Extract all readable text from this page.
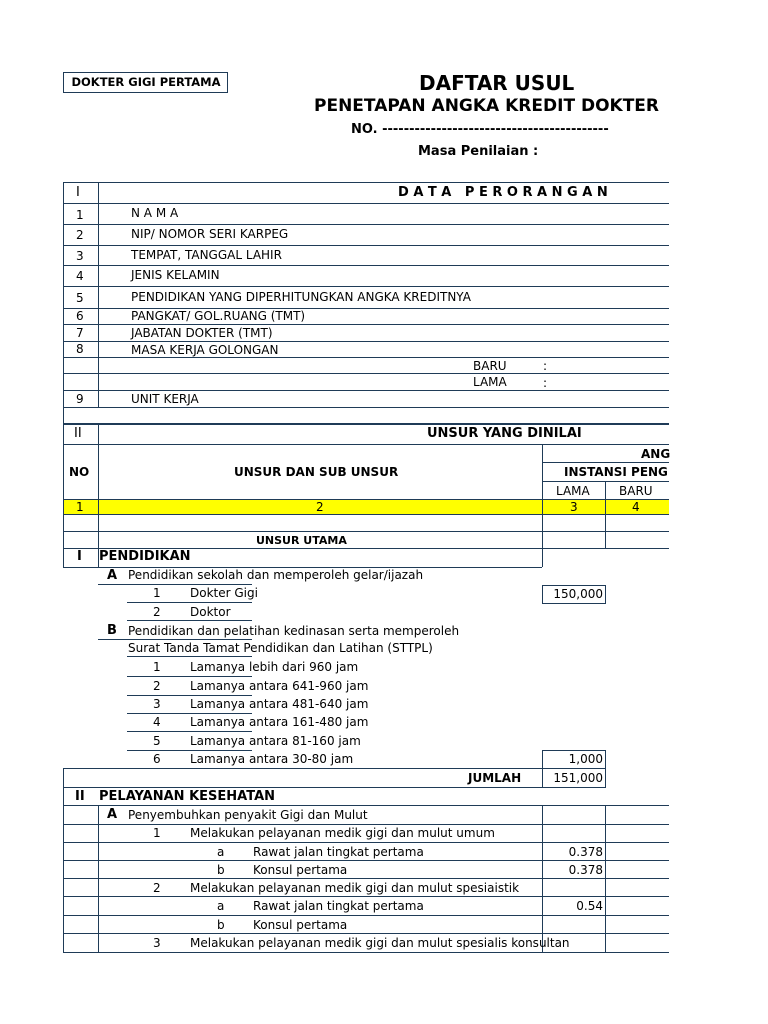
DOKTER GIGI PERTAMA	DAFTAR USUL
PENETAPAN ANGKA KREDIT DOKTER
NO. ------------------------------------------
Masa Penilaian :
I	D A T A   P E R O R A N G A N
1	N A M A
2	NIP/ NOMOR SERI KARPEG
3	TEMPAT, TANGGAL LAHIR
4	JENIS KELAMIN
5	PENDIDIKAN YANG DIPERHITUNGKAN ANGKA KREDITNYA
6	PANGKAT/ GOL.RUANG (TMT)
7	JABATAN DOKTER (TMT)
8	MASA KERJA GOLONGAN
BARU	:
LAMA	:
9	UNIT KERJA
II	UNSUR YANG DINILAI
ANG
NO	UNSUR DAN SUB UNSUR	INSTANSI PENG
LAMA BARU
1	2	3	4
UNSUR UTAMA
I PENDIDIKAN
A Pendidikan sekolah dan memperoleh gelar/ijazah
1 Dokter Gigi	150,000
2 Doktor
B Pendidikan dan pelatihan kedinasan serta memperoleh
Surat Tanda Tamat Pendidikan dan Latihan (STTPL)
1 Lamanya lebih dari 960 jam
2 Lamanya antara 641-960 jam
3 Lamanya antara 481-640 jam
4 Lamanya antara 161-480 jam
5 Lamanya antara 81-160 jam
6 Lamanya antara 30-80 jam	1,000
JUMLAH	151,000
II PELAYANAN KESEHATAN
A Penyembuhkan penyakit Gigi dan Mulut
1 Melakukan pelayanan medik gigi dan mulut umum
a Rawat jalan tingkat pertama	0.378
b Konsul pertama	0.378
2 Melakukan pelayanan medik gigi dan mulut spesiaistik
a Rawat jalan tingkat pertama	0.54
b Konsul pertama
3 Melakukan pelayanan medik gigi dan mulut spesialis konsultan
